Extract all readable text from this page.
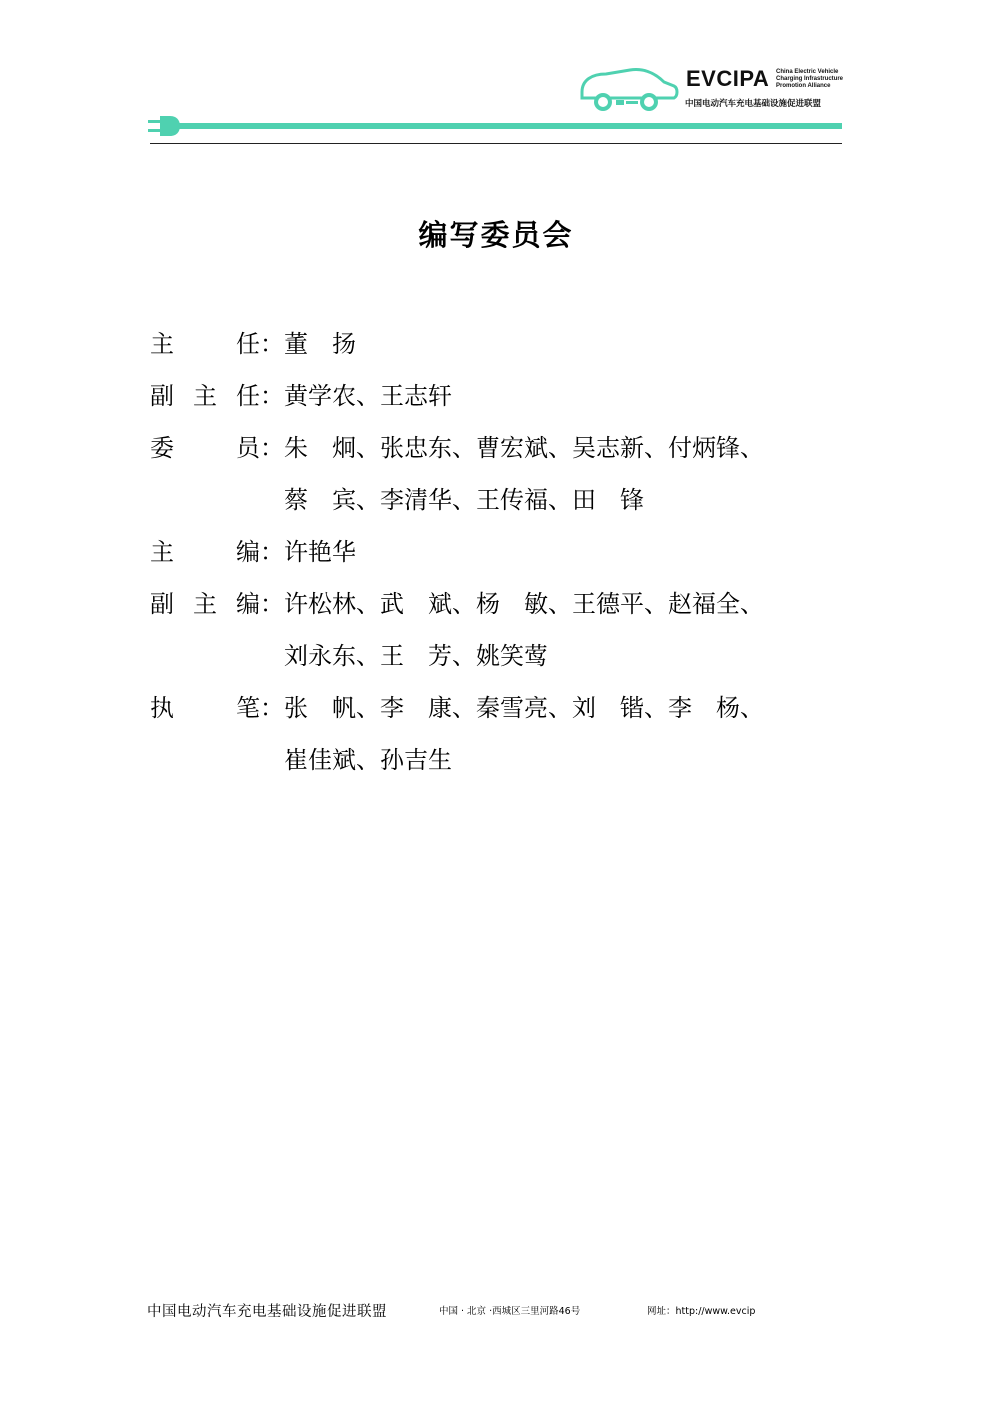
EVCIPA China Electric Vehicle
Charging Infrastructure
Promotion Alliance
中国电动汽车充电基础设施促进联盟
编写委员会
主	任： 董　扬
副 主 任： 黄学农、王志轩
委	员： 朱　炯、张忠东、曹宏斌、吴志新、付炳锋、
蔡　宾、李清华、王传福、田　锋
主	编： 许艳华
副 主 编： 许松林、武　斌、杨　敏、王德平、赵福全、
刘永东、王　芳、姚笑莺
执	笔： 张　帆、李　康、秦雪亮、刘　锴、李　杨、
崔佳斌、孙吉生
中国电动汽车充电基础设施促进联盟	中国 · 北京 ·西城区三里河路46号	网址：http://www.evcip
